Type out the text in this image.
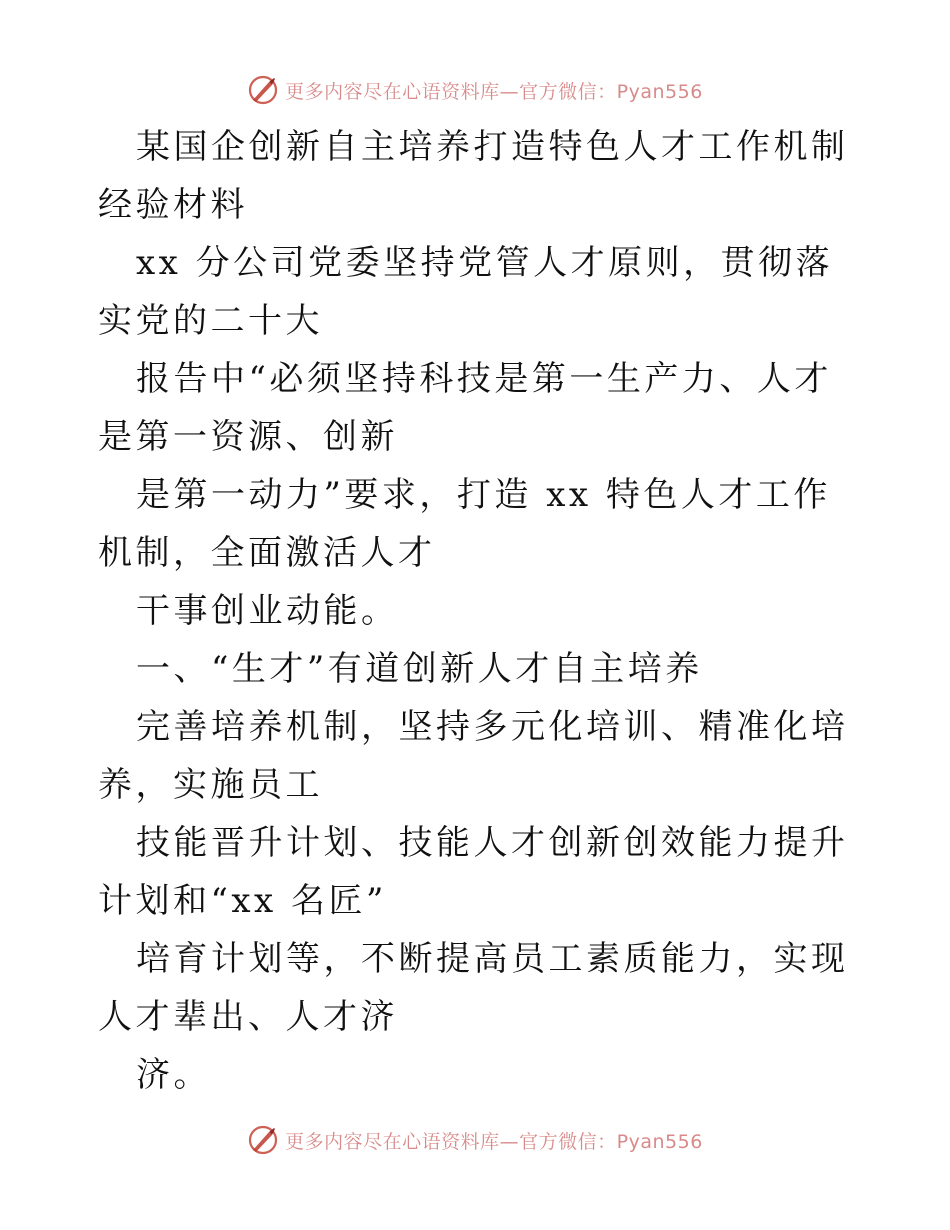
更多内容尽在心语资料库—官方微信：Pyan556

某国企创新自主培养打造特色人才工作机制经验材料

xx 分公司党委坚持党管人才原则，贯彻落实党的二十大

报告中“必须坚持科技是第一生产力、人才是第一资源、创新

是第一动力”要求，打造 xx 特色人才工作机制，全面激活人才

干事创业动能。

一、“生才”有道创新人才自主培养

完善培养机制，坚持多元化培训、精准化培养，实施员工

技能晋升计划、技能人才创新创效能力提升计划和“xx 名匠”

培育计划等，不断提高员工素质能力，实现人才辈出、人才济

济。

更多内容尽在心语资料库—官方微信：Pyan556
